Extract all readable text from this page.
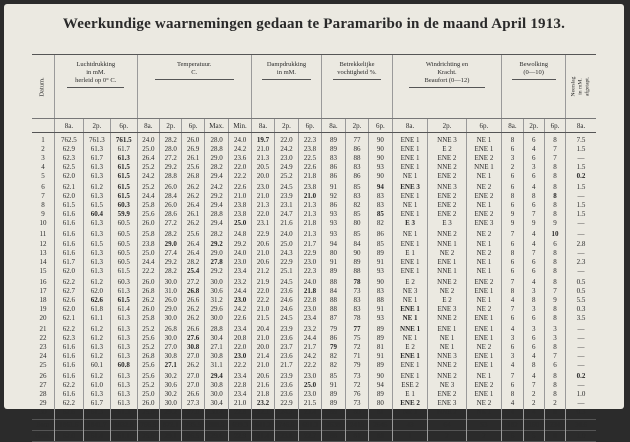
Weerkundige waarnemingen gedaan te Paramaribo in de maand April 1913.
Datum.	Luchtdrukking
in mM.
herleid op 0° C.			Temperatuur.
C.					Dampdrukking
in mM.			Betrekkelijke
vochtigheid %.			Windrichting en
Kracht.
Beaufort (0—12)			Bewolking
(0—10)			Neerslag
in mM.
afgetapt.
	8a.	2p.	6p.	8a.	2p.	6p.	Max.	Min.	8a.	2p.	6p.	8a.	2p.	6p.	8a.	2p.	6p.	8a.	2p.	6p.	8a.
1	762.5	761.3	761.5	24.0	28.2	26.0	28.0	24.0	19.7	22.0	22.3	89	77	90	ENE 1	NNE 3	NE 1	8	6	8	7.5
2	62.9	61.3	61.7	25.0	28.0	26.9	28.8	24.2	21.0	24.2	23.8	89	86	90	ENE 1	E 2	ENE 1	6	4	7	1.5
3	62.3	61.7	61.3	26.4	27.2	26.1	29.0	23.6	21.3	23.0	22.5	83	88	90	ENE 1	ENE 2	ENE 2	3	6	7	—
4	62.5	61.3	61.5	25.2	29.2	25.6	28.2	22.0	20.5	24.9	22.6	86	83	93	ENE 1	NNE 2	NNE 1	2	3	8	1.5
5	62.0	61.3	61.5	24.2	28.8	26.8	29.4	22.2	20.0	25.2	21.8	86	86	90	NE 1	ENE 2	NE 1	6	6	8	0.2
6	62.1	61.2	61.5	25.2	26.0	26.2	24.2	22.6	23.0	24.5	23.8	91	85	94	ENE 3	NNE 3	NE 2	6	4	8	1.5
7	62.0	61.3	61.5	24.4	28.4	26.2	29.2	21.0	21.0	23.9	21.0	92	83	83	ENE 1	ENE 2	ENE 2	8	8	8	—
8	61.5	61.5	60.3	25.8	26.0	26.4	29.4	23.8	21.3	23.1	21.3	86	82	83	NE 1	ENE 2	NE 1	6	6	8	1.5
9	61.6	60.4	59.9	25.6	28.6	26.1	28.8	23.8	22.0	24.7	21.3	93	85	85	ENE 1	ENE 2	ENE 2	9	7	8	1.5
10	61.6	61.3	60.5	26.0	27.2	26.2	29.4	25.0	23.1	21.6	21.8	93	80	82	E 3	E 3	ENE 3	9	9	9	—
11	61.6	61.3	60.5	25.8	28.2	25.6	28.2	24.8	22.9	24.0	21.3	93	85	86	NE 1	NNE 2	NE 2	7	4	10	—
12	61.6	61.5	60.5	23.8	29.0	26.4	29.2	29.2	20.6	25.0	21.7	94	84	85	ENE 1	NNE 1	NE 1	6	4	6	2.8
13	61.6	61.3	60.5	25.0	27.4	26.4	29.0	24.0	21.0	24.3	22.9	80	90	89	E 1	NE 2	NE 2	8	7	8	—
14	61.7	61.3	60.5	24.4	29.2	28.2	27.8	23.0	20.6	22.9	23.0	91	89	91	ENE 1	ENE 1	NE 1	6	6	8	2.3
15	62.0	61.3	61.5	22.2	28.2	25.4	29.2	23.4	21.2	25.1	22.3	89	88	93	ENE 1	NNE 1	NE 1	6	6	8	—
16	62.2	61.2	60.3	26.0	30.0	27.2	30.0	23.2	21.9	24.5	24.0	88	78	90	E 2	NNE 2	ENE 2	7	4	8	0.5
17	62.7	62.0	61.3	26.8	31.0	26.8	30.6	24.4	22.0	23.6	21.8	84	73	83	NE 3	NE 2	ENE 1	8	3	7	0.5
18	62.6	62.6	61.5	26.2	26.0	26.6	31.2	23.0	22.2	24.6	22.8	88	83	88	NE 1	E 2	NE 1	4	8	9	5.5
19	62.0	61.8	61.4	26.0	29.0	26.2	29.6	24.2	21.0	24.6	23.0	88	83	91	ENE 1	ENE 3	NE 2	7	3	8	0.3
20	62.1	61.1	61.3	25.8	30.0	26.2	30.0	22.6	21.5	24.5	23.4	87	78	93	NE 1	NNE 2	ENE 1	6	6	8	3.5
21	62.2	61.2	61.3	25.2	26.8	26.6	28.8	23.4	20.4	23.9	23.2	79	77	89	NNE 1	ENE 1	ENE 1	4	3	3	—
22	62.3	61.2	61.3	25.6	30.0	27.6	30.4	20.8	21.0	23.6	24.4	86	75	89	NE 1	NE 1	ENE 1	3	6	3	—
23	61.6	61.3	61.3	25.2	27.0	30.8	27.1	22.0	20.0	23.7	21.7	79	72	81	E 2	NE 1	NE 2	6	6	8	—
24	61.6	61.2	61.3	26.8	30.8	27.0	30.8	23.0	21.4	23.6	24.2	82	71	91	ENE 1	NNE 3	ENE 1	3	4	7	—
25	61.6	60.1	60.8	25.6	27.1	26.2	31.1	22.2	21.0	21.7	22.2	82	79	89	ENE 1	NNE 2	ENE 1	4	8	6	—
26	61.6	61.2	61.3	25.6	30.2	27.0	29.4	23.4	20.6	23.9	23.0	85	73	90	ENE 1	NNE 2	NE 1	7	4	8	0.2
27	62.2	61.0	61.3	25.2	30.6	27.0	30.8	22.8	21.6	23.6	25.0	91	72	94	ESE 2	NE 3	ENE 2	6	7	8	—
28	61.6	61.3	61.3	25.0	30.2	26.6	30.0	23.4	21.8	23.6	23.0	89	76	89	E 1	ENE 2	ENE 1	8	2	8	1.0
29	62.2	61.7	61.3	26.0	30.0	27.3	30.4	21.0	23.2	22.9	21.5	89	73	80	ENE 2	ENE 3	NE 2	4	2	2	—
30	62.6	61.3	61.3	25.8	29.2	27.0	30.4	22.8	22.1	24.3	23.4	89	80	81	NE 1	NNE 2	NE 1	4	4	8	0.3
Som	1861.6	1841.7	1832.8	766.5	872.1	795.5	888.5	699.3	641.2	746.5	681.3	2638	2415	2645	43	64	53	182	160	234	30.6
Gem.	62.0	61.4	61.1	25.6	29.1	26.5	29.6	22.9	21.4	23.8	22.7	88	81	88	1	2	2	6	5	8	1.0
